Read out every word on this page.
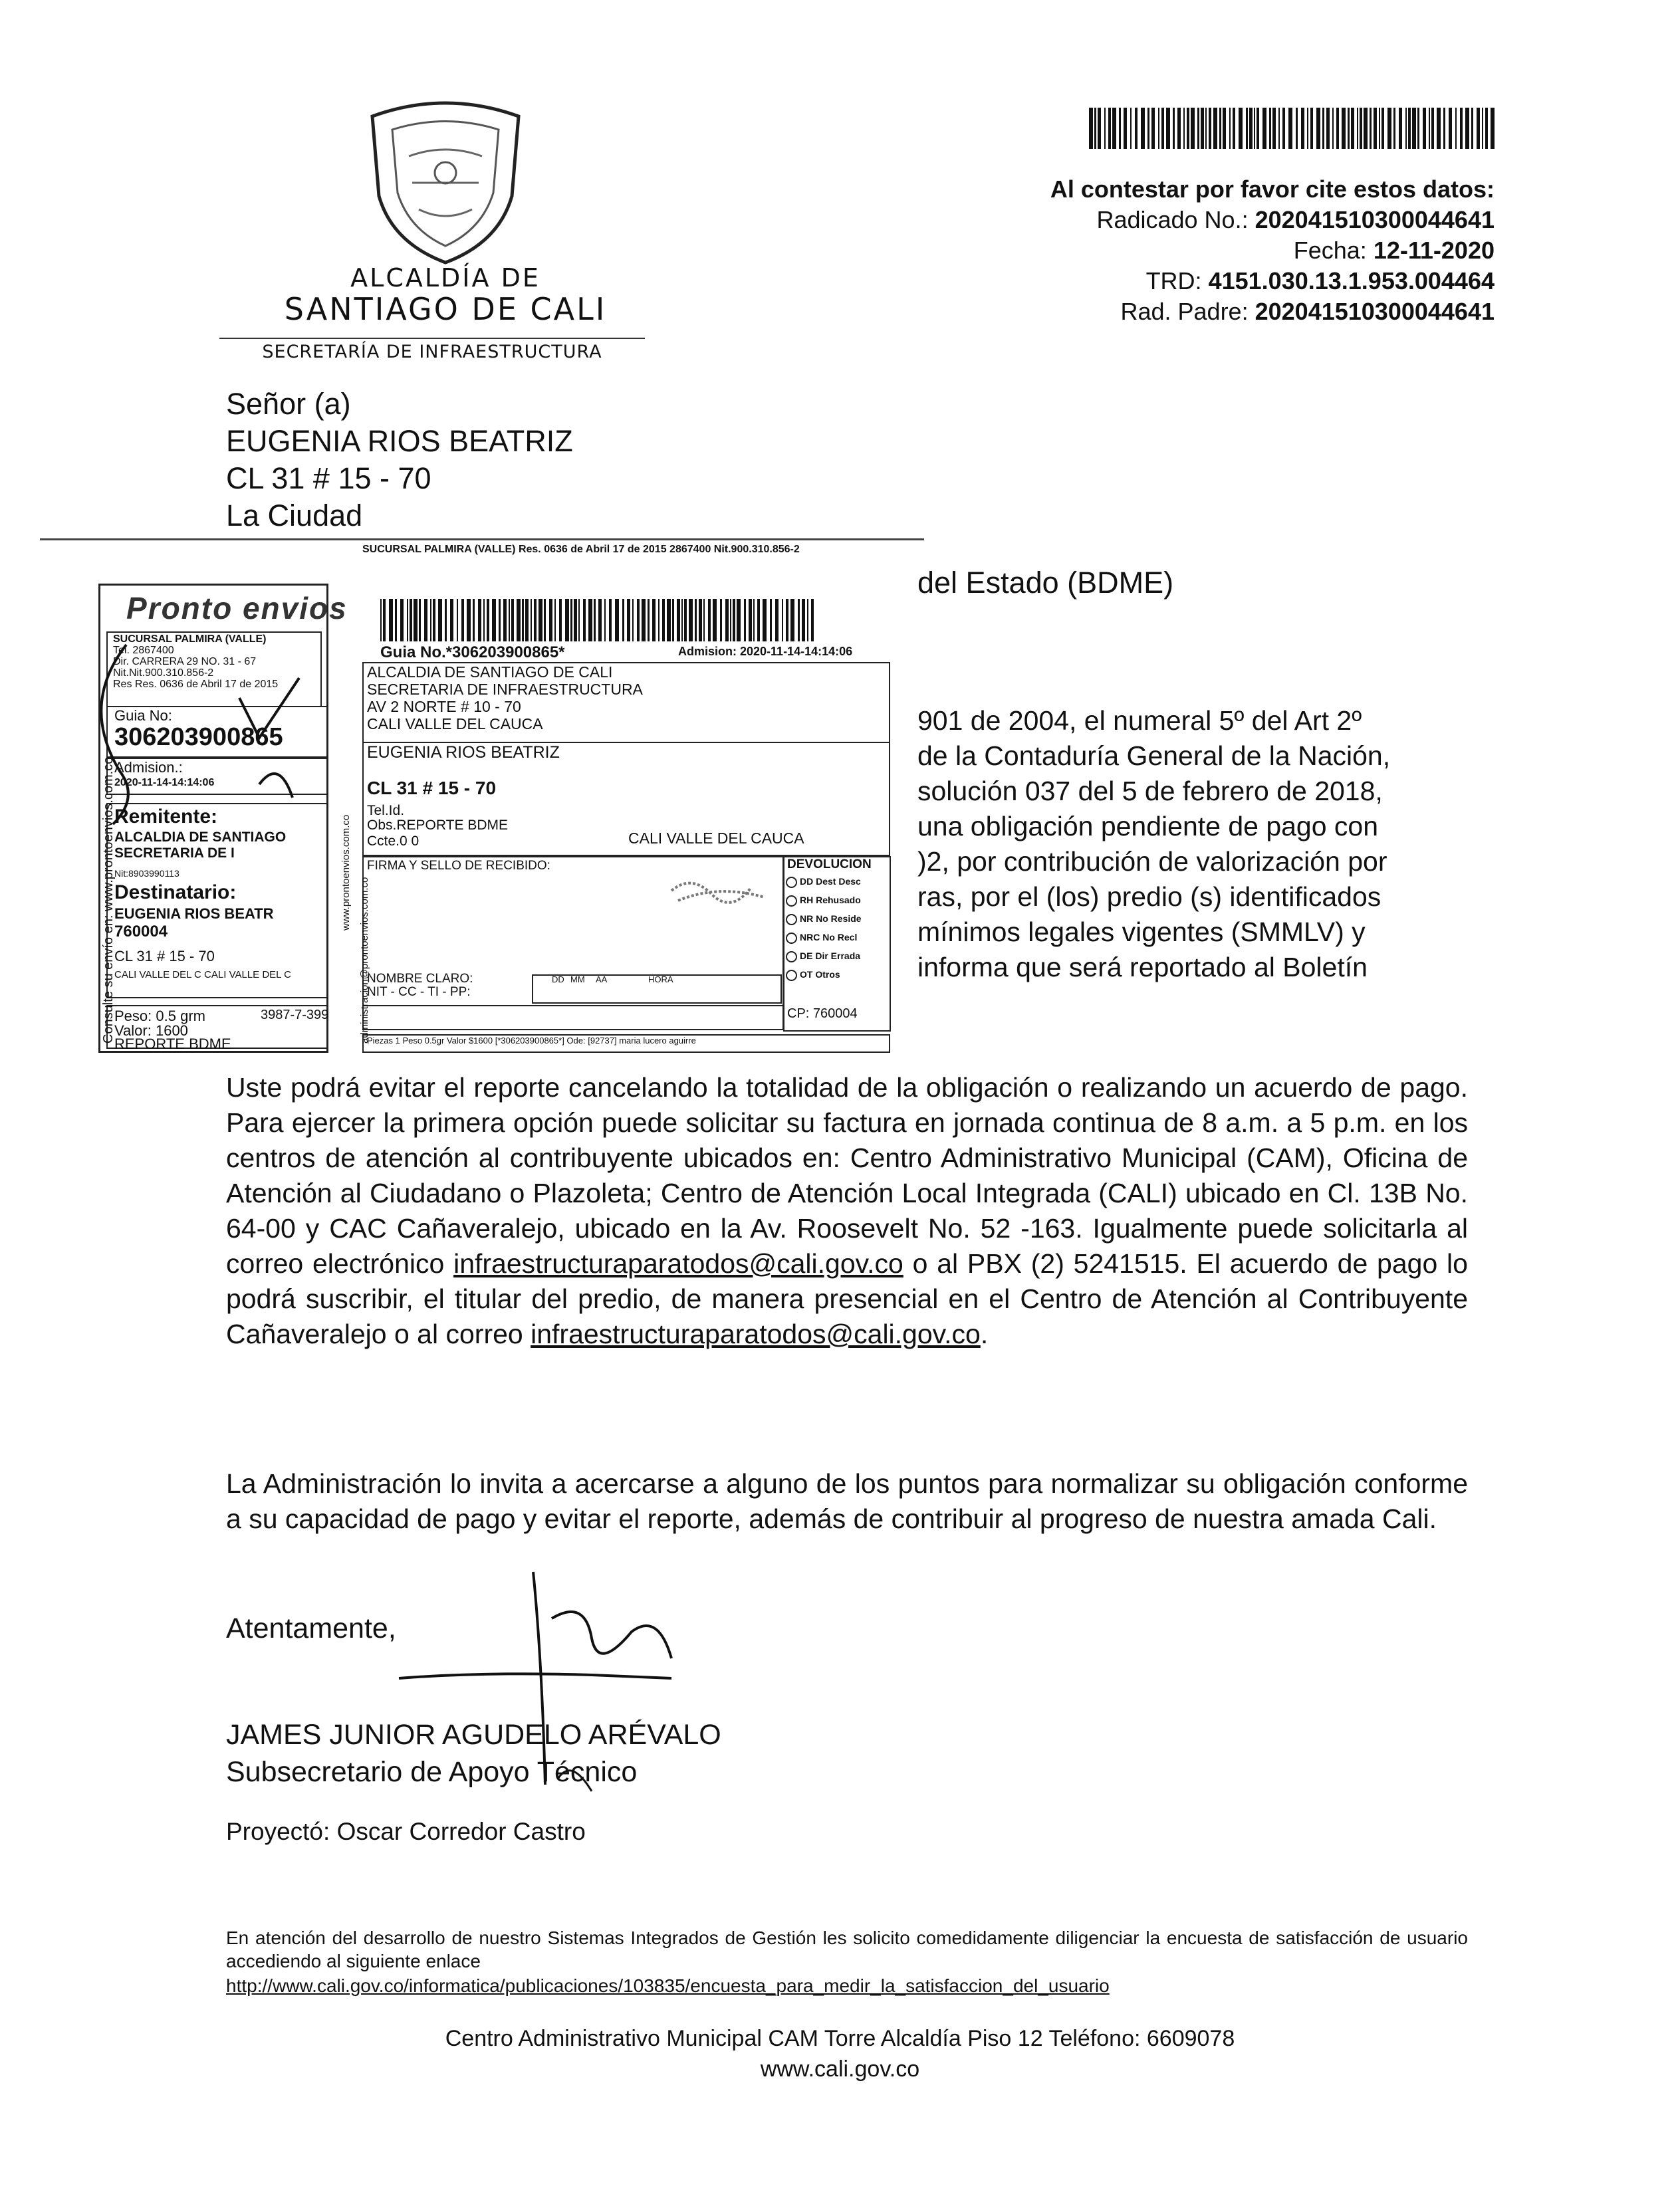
ALCALDÍA DE
SANTIAGO DE CALI
SECRETARÍA DE INFRAESTRUCTURA
Al contestar por favor cite estos datos:
Radicado No.: 202041510300044641
Fecha: 12-11-2020
TRD: 4151.030.13.1.953.004464
Rad. Padre: 202041510300044641
Señor (a)
EUGENIA RIOS BEATRIZ
CL 31 # 15 - 70
La Ciudad
del Estado (BDME)
901 de 2004, el numeral 5º del Art 2º
de la Contaduría General de la Nación,
solución 037 del 5 de febrero de 2018,
una obligación pendiente de pago con
)2, por contribución de valorización por
ras, por el (los) predio (s) identificados
mínimos legales vigentes (SMMLV) y
informa que será reportado al Boletín
SUCURSAL PALMIRA (VALLE) Res. 0636 de Abril 17 de 2015 2867400 Nit.900.310.856-2
Pronto envios
SUCURSAL PALMIRA (VALLE)
Tel. 2867400
Dir. CARRERA 29 NO. 31 - 67
Nit.Nit.900.310.856-2
Res Res. 0636 de Abril 17 de 2015
Guia No:
306203900865
Admision.:
2020-11-14-14:14:06
Remitente:
ALCALDIA DE SANTIAGO
SECRETARIA DE I
Nit:8903990113
Destinatario:
EUGENIA RIOS BEATR
760004
CL 31 # 15 - 70
CALI VALLE DEL C CALI VALLE DEL C
Peso: 0.5 grm	3987-7-399
Valor: 1600
REPORTE BDME
Consulte su envío en: www.prontoenvios.com.co
Guia No.*306203900865*	Admision: 2020-11-14-14:14:06
ALCALDIA DE SANTIAGO DE CALI
SECRETARIA DE INFRAESTRUCTURA
AV 2 NORTE # 10 - 70
CALI VALLE DEL CAUCA
EUGENIA RIOS BEATRIZ
CL 31 # 15 - 70
Tel.Id.
Obs.REPORTE BDME
Ccte.0 0	CALI VALLE DEL CAUCA
FIRMA Y SELLO DE RECIBIDO:
NOMBRE CLARO:
NIT - CC - TI - PP:
DD MM AA	HORA
DEVOLUCION
DD Dest Desc
RH Rehusado
NR No Reside
NRC No Recl
DE Dir Errada
OT Otros
CP: 760004
Piezas 1 Peso 0.5gr Valor $1600 [*306203900865*] Ode: [92737] maria lucero aguirre
www.prontoenvios.com.co
administracion@prontoenvios.com.co
Uste podrá evitar el reporte cancelando la totalidad de la obligación o realizando un acuerdo de pago. Para ejercer la primera opción puede solicitar su factura en jornada continua de 8 a.m. a 5 p.m. en los centros de atención al contribuyente ubicados en: Centro Administrativo Municipal (CAM), Oficina de Atención al Ciudadano o Plazoleta; Centro de Atención Local Integrada (CALI) ubicado en Cl. 13B No. 64-00 y CAC Cañaveralejo, ubicado en la Av. Roosevelt No. 52 -163. Igualmente puede solicitarla al correo electrónico infraestructuraparatodos@cali.gov.co o al PBX (2) 5241515. El acuerdo de pago lo podrá suscribir, el titular del predio, de manera presencial en el Centro de Atención al Contribuyente Cañaveralejo o al correo infraestructuraparatodos@cali.gov.co.
La Administración lo invita a acercarse a alguno de los puntos para normalizar su obligación conforme a su capacidad de pago y evitar el reporte, además de contribuir al progreso de nuestra amada Cali.
Atentamente,
JAMES JUNIOR AGUDELO ARÉVALO
Subsecretario de Apoyo Técnico
Proyectó: Oscar Corredor Castro
En atención del desarrollo de nuestro Sistemas Integrados de Gestión les solicito comedidamente diligenciar la encuesta de satisfacción de usuario accediendo al siguiente enlace
http://www.cali.gov.co/informatica/publicaciones/103835/encuesta_para_medir_la_satisfaccion_del_usuario
Centro Administrativo Municipal CAM Torre Alcaldía Piso 12 Teléfono: 6609078
www.cali.gov.co
